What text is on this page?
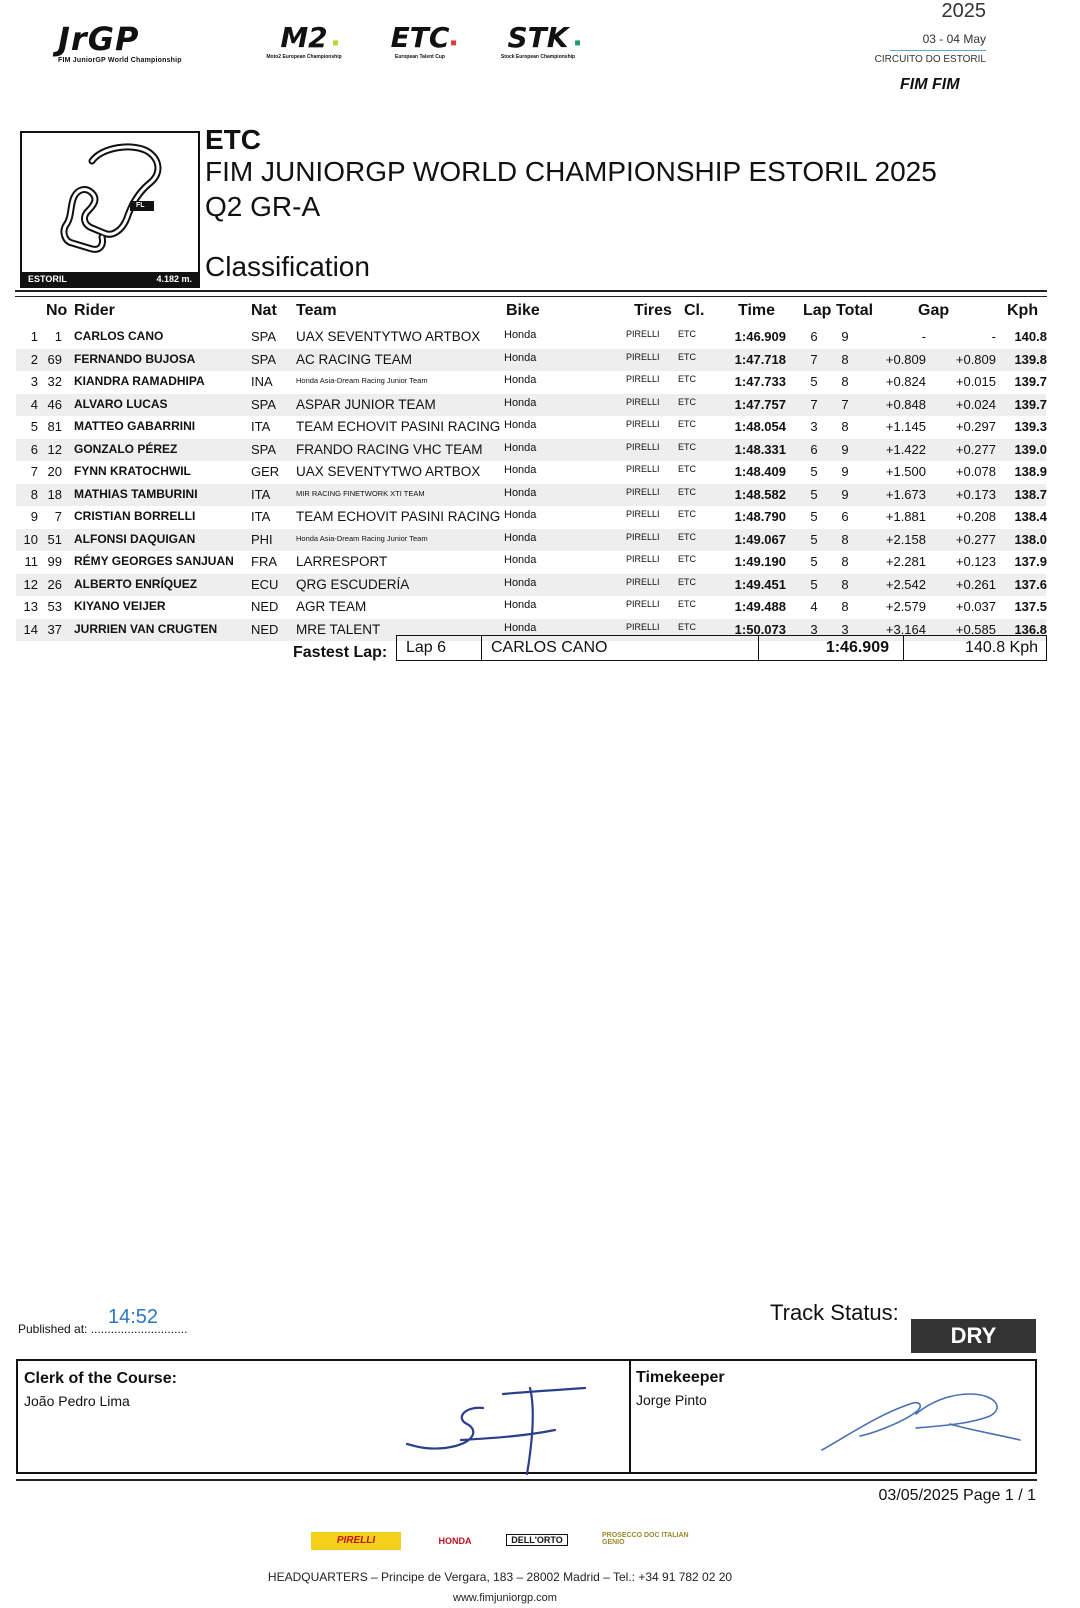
JrGP
FIM JuniorGP World Championship
M2
Moto2 European Championship
▪	ETC
European Talent Cup
▪	STK
Stock European Championship
▪
2025
03 - 04 May
CIRCUITO DO ESTORIL
FIM FIM
FL
ESTORIL	4.182 m.
ETC
FIM JUNIORGP WORLD CHAMPIONSHIP ESTORIL 2025
Q2 GR-A
Classification
No Rider	Nat Team	Bike	Tires Cl. Time Lap Total	Gap	Kph
1	1 CARLOS CANO	SPA UAX SEVENTYTWO ARTBOX Honda	PIRELLI ETC	1:46.909	6	9	-	-	140.8
2 69 FERNANDO BUJOSA	SPA AC RACING TEAM	Honda	PIRELLI ETC	1:47.718	7	8	+0.809	+0.809	139.8
3 32 KIANDRA RAMADHIPA	INA	Honda Asia-Dream Racing Junior Team	Honda	PIRELLI ETC	1:47.733	5	8	+0.824	+0.015	139.7
4 46 ALVARO LUCAS	SPA ASPAR JUNIOR TEAM	Honda	PIRELLI ETC	1:47.757	7	7	+0.848	+0.024	139.7
5 81 MATTEO GABARRINI	ITA TEAM ECHOVIT PASINI RACING Honda	PIRELLI ETC	1:48.054	3	8	+1.145	+0.297	139.3
6 12 GONZALO PÉREZ	SPA FRANDO RACING VHC TEAM Honda	PIRELLI ETC	1:48.331	6	9	+1.422	+0.277	139.0
7 20 FYNN KRATOCHWIL	GER UAX SEVENTYTWO ARTBOX Honda	PIRELLI ETC	1:48.409	5	9	+1.500	+0.078	138.9
8 18 MATHIAS TAMBURINI	ITA	MIR RACING FINETWORK XTI TEAM	Honda	PIRELLI ETC	1:48.582	5	9	+1.673	+0.173	138.7
9	7 CRISTIAN BORRELLI	ITA TEAM ECHOVIT PASINI RACING Honda	PIRELLI ETC	1:48.790	5	6	+1.881	+0.208	138.4
10 51 ALFONSI DAQUIGAN	PHI	Honda Asia-Dream Racing Junior Team	Honda	PIRELLI ETC	1:49.067	5	8	+2.158	+0.277	138.0
11 99 RÉMY GEORGES SANJUAN FRA LARRESPORT	Honda	PIRELLI ETC	1:49.190	5	8	+2.281	+0.123	137.9
12 26 ALBERTO ENRÍQUEZ	ECU QRG ESCUDERÍA	Honda	PIRELLI ETC	1:49.451	5	8	+2.542	+0.261	137.6
13 53 KIYANO VEIJER	NED AGR TEAM	Honda	PIRELLI ETC	1:49.488	4	8	+2.579	+0.037	137.5
14 37 JURRIEN VAN CRUGTEN	NED MRE TALENT	Honda	PIRELLI ETC	1:50.073	3	3	+3.164	+0.585	136.8
Fastest Lap: Lap 6	CARLOS CANO	1:46.909	140.8 Kph
Published at: .............................
14:52	Track Status:
DRY
Clerk of the Course:
João Pedro Lima
Timekeeper
Jorge Pinto
03/05/2025 Page 1 / 1
PIRELLI	HONDA	DELL'ORTO	PROSECCO DOC ITALIAN GENIO
HEADQUARTERS – Principe de Vergara, 183 – 28002 Madrid – Tel.: +34 91 782 02 20
www.fimjuniorgp.com
